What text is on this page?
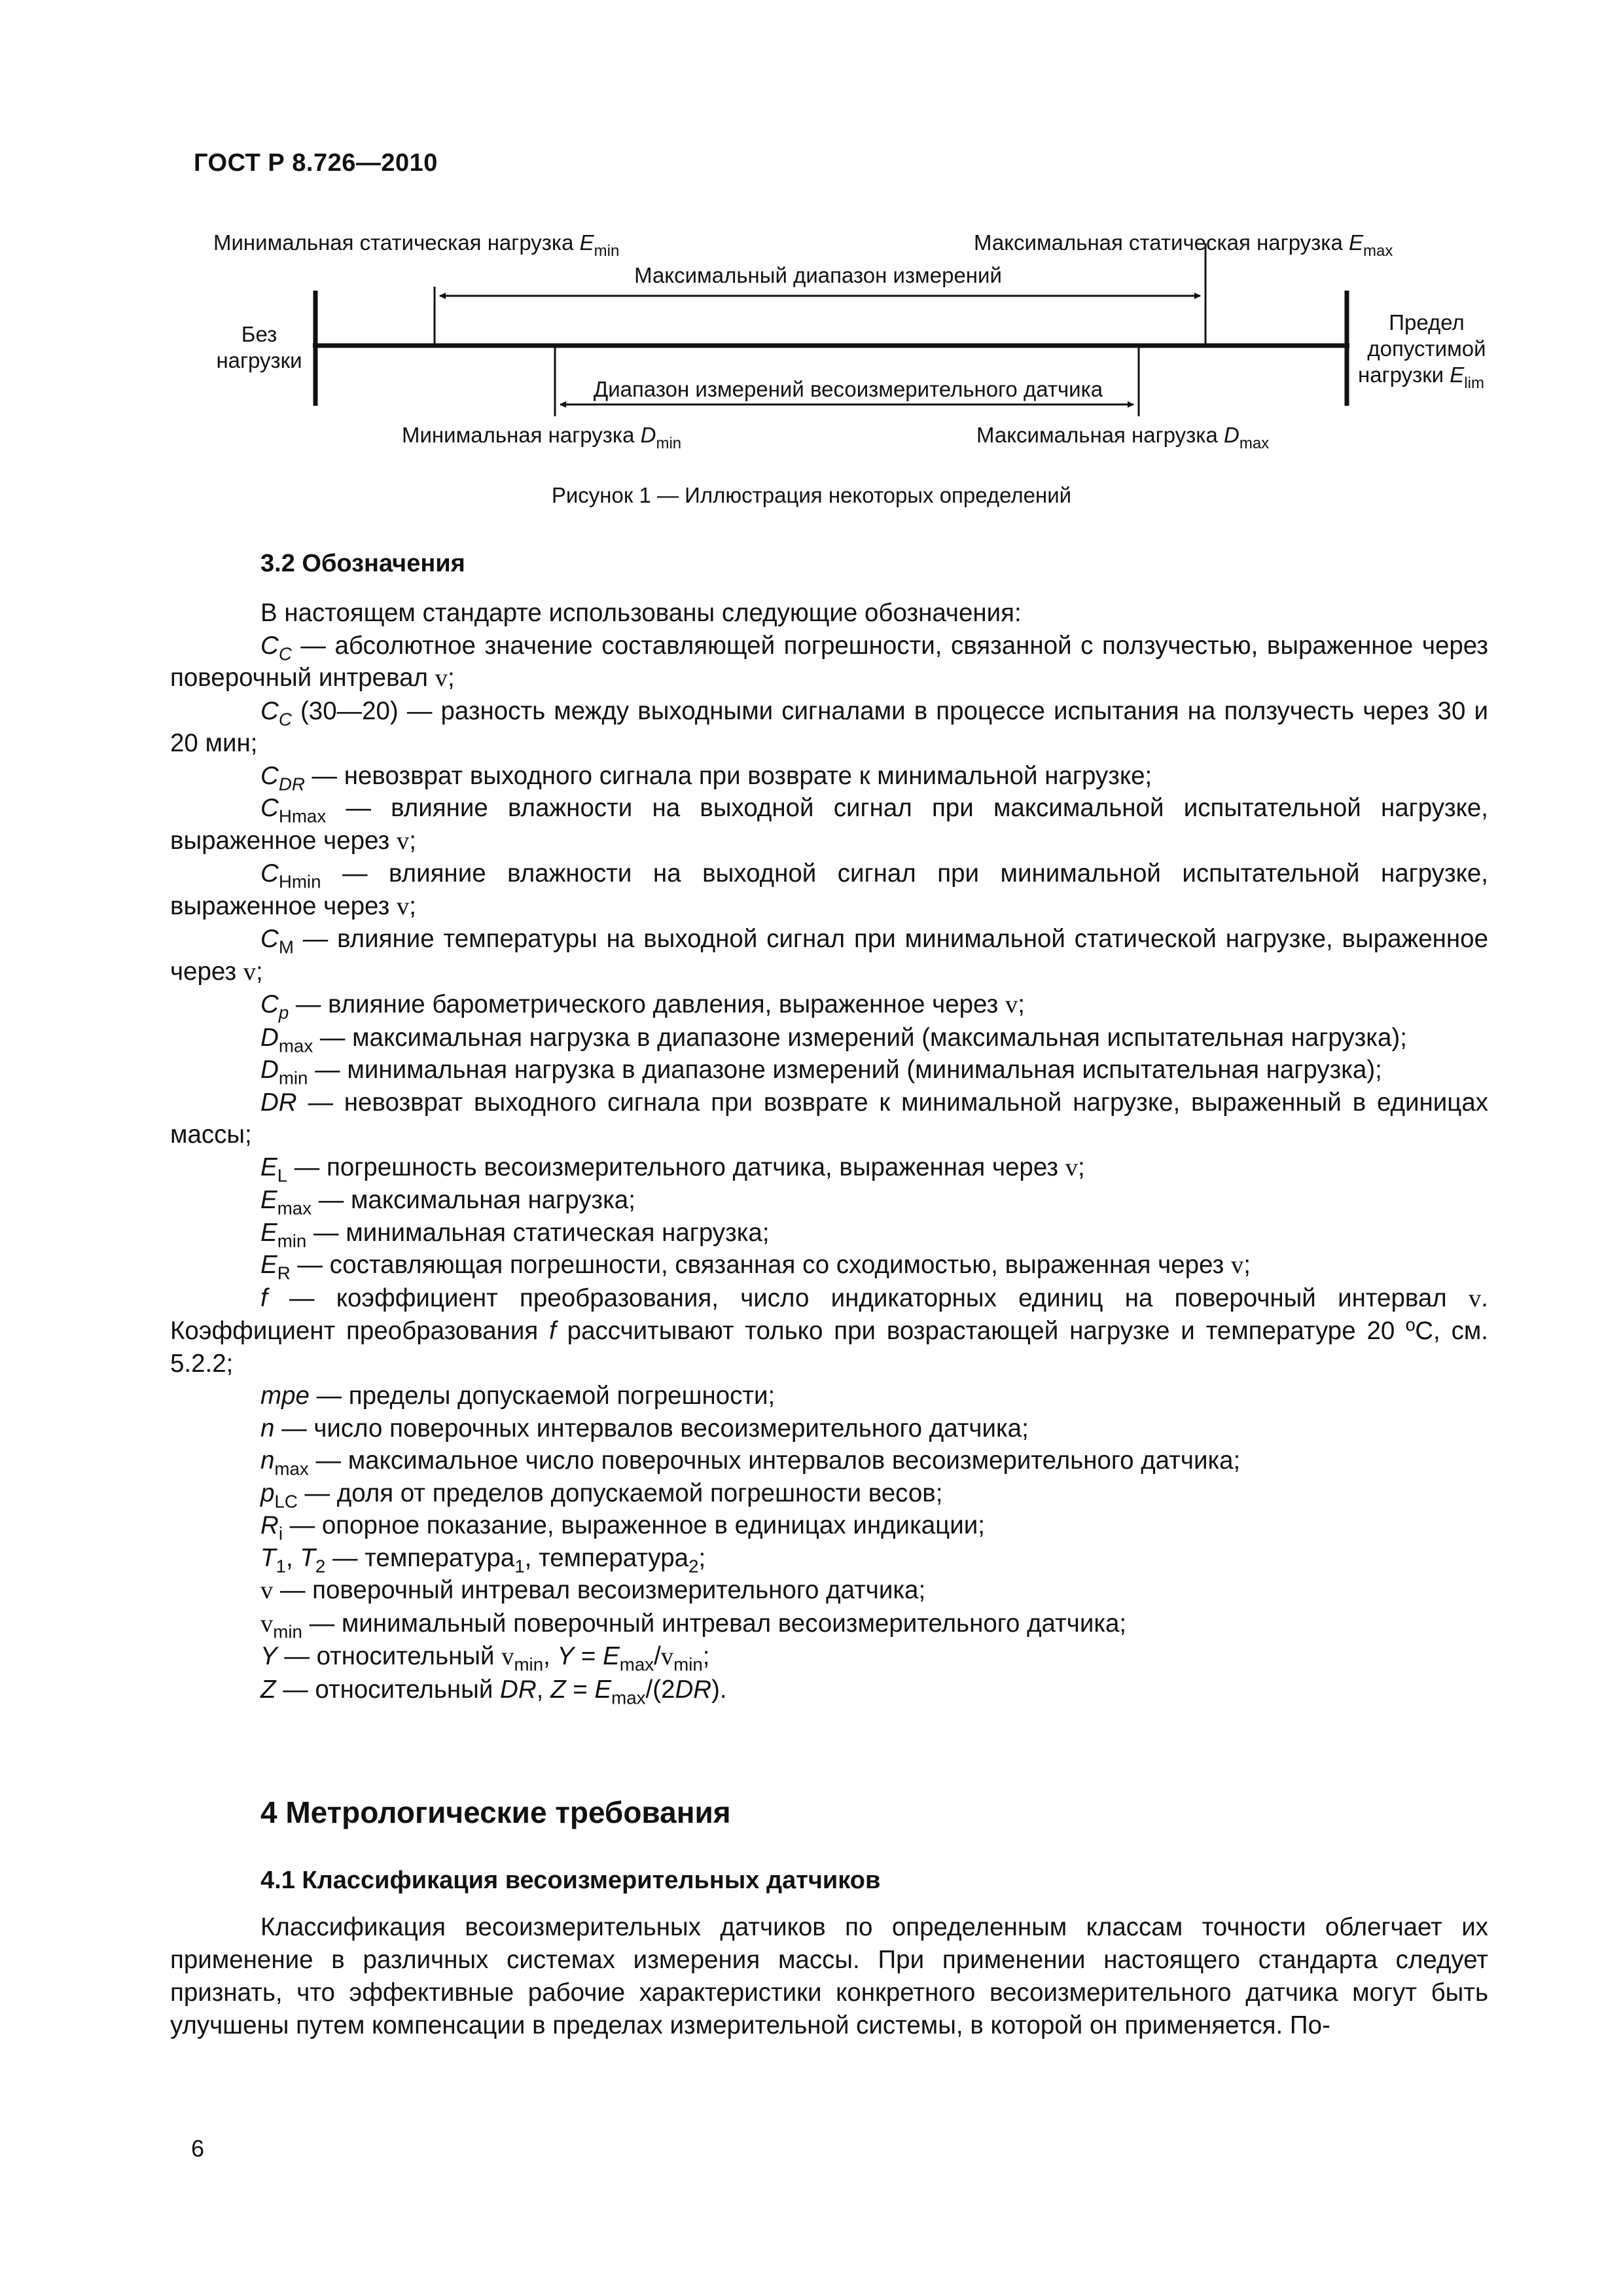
ГОСТ Р 8.726—2010
Минимальная статическая нагрузка $E_{min}$	Максимальная статическая нагрузка $E_{max}$
Максимальный диапазон измерений
Без
нагрузки
Предел
допустимой
нагрузки $E_{lim}$
Диапазон измерений весоизмерительного датчика
Минимальная нагрузка $D_{min}$	Максимальная нагрузка $D_{max}$
Рисунок 1 — Иллюстрация некоторых определений
3.2 Обозначения

В настоящем стандарте использованы следующие обозначения:

$C_C$ — абсолютное значение составляющей погрешности, связанной с ползучестью, выраженное через поверочный интревал v;

$C_C$ (30—20) — разность между выходными сигналами в процессе испытания на ползучесть через 30 и 20 мин;

$C_{DR}$ — невозврат выходного сигнала при возврате к минимальной нагрузке;

$C_{Hmax}$ — влияние влажности на выходной сигнал при максимальной испытательной нагрузке, выраженное через v;

$C_{Hmin}$ — влияние влажности на выходной сигнал при минимальной испытательной нагрузке, выраженное через v;

$C_M$ — влияние температуры на выходной сигнал при минимальной статической нагрузке, выраженное через v;

$C_p$ — влияние барометрического давления, выраженное через v;

$D_{max}$ — максимальная нагрузка в диапазоне измерений (максимальная испытательная нагрузка);

$D_{min}$ — минимальная нагрузка в диапазоне измерений (минимальная испытательная нагрузка);

DR — невозврат выходного сигнала при возврате к минимальной нагрузке, выраженный в единицах массы;

$E_L$ — погрешность весоизмерительного датчика, выраженная через v;

$E_{max}$ — максимальная нагрузка;

$E_{min}$ — минимальная статическая нагрузка;

$E_R$ — составляющая погрешности, связанная со сходимостью, выраженная через v;

f — коэффициент преобразования, число индикаторных единиц на поверочный интервал v. Коэффициент преобразования f рассчитывают только при возрастающей нагрузке и температуре 20 ºС, см. 5.2.2;

mpe — пределы допускаемой погрешности;

n — число поверочных интервалов весоизмерительного датчика;

$n_{max}$ — максимальное число поверочных интервалов весоизмерительного датчика;

$p_{LC}$ — доля от пределов допускаемой погрешности весов;

$R_i$ — опорное показание, выраженное в единицах индикации;

$T_1$, $T_2$ — температура$_1$, температура$_2$;

v — поверочный интревал весоизмерительного датчика;

$v_{min}$ — минимальный поверочный интревал весоизмерительного датчика;

Y — относительный $v_{min}$, $Y = E_{max}/v_{min}$;

Z — относительный DR, $Z = E_{max}/(2DR)$.

4 Метрологические требования
4.1 Классификация весоизмерительных датчиков

Классификация весоизмерительных датчиков по определенным классам точности облегчает их применение в различных системах измерения массы. При применении настоящего стандарта следует признать, что эффективные рабочие характеристики конкретного весоизмерительного датчика могут быть улучшены путем компенсации в пределах измерительной системы, в которой он применяется. По-

6
